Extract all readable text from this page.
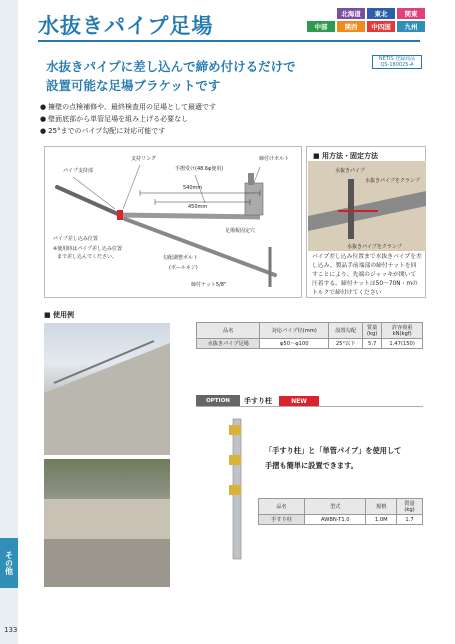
その他
133
水抜きパイプ足場	北海道	東北	関東
中部	関西	中四国	九州
水抜きパイプに差し込んで締め付けるだけで
設置可能な足場ブラケットです
NETIS 登録商品
QS-180025-A
● 擁壁の点検補修や、最終検査用の足場として最適です
● 壁面底部から単管足場を組み上げる必要なし
● 25°までのパイプ勾配に対応可能です
支持リング
手摺受け(48.6φ使用)
締付けボルト
パイプ支持部
540mm
450mm
足場板固定穴
パイプ差し込み位置
※使用時はパイプ差し込み位置
まで差し込んでください。	勾配調整ボルト
(ボールネジ)
締付ナット5/8"
■ 用方法・固定方法
水抜きパイプ
水抜きパイプをクランプ
水抜きパイプをクランプ
パイプ差し込み位置まで水抜きパイプを差し込み、製品手前端部の締付ナットを回すことにより、先端のジャッキが開いて圧着する。締付ナットは50〜70N・mのトルクで締付けてください
■ 使用例
品名	対応パイプ径(mm)	設置勾配	質量
(kg)	許容荷重
kN(kgf)
水抜きパイプ足場	φ50〜φ100	25°以下	5.7	1.47(150)
OPTION	手すり柱	NEW
「手すり柱」と「単管パイプ」を使用して
手摺も簡単に設置できます。
品名	型式	規格	質量
(kg)
手すり柱	AWBN-T1.0	1.0M	1.7
